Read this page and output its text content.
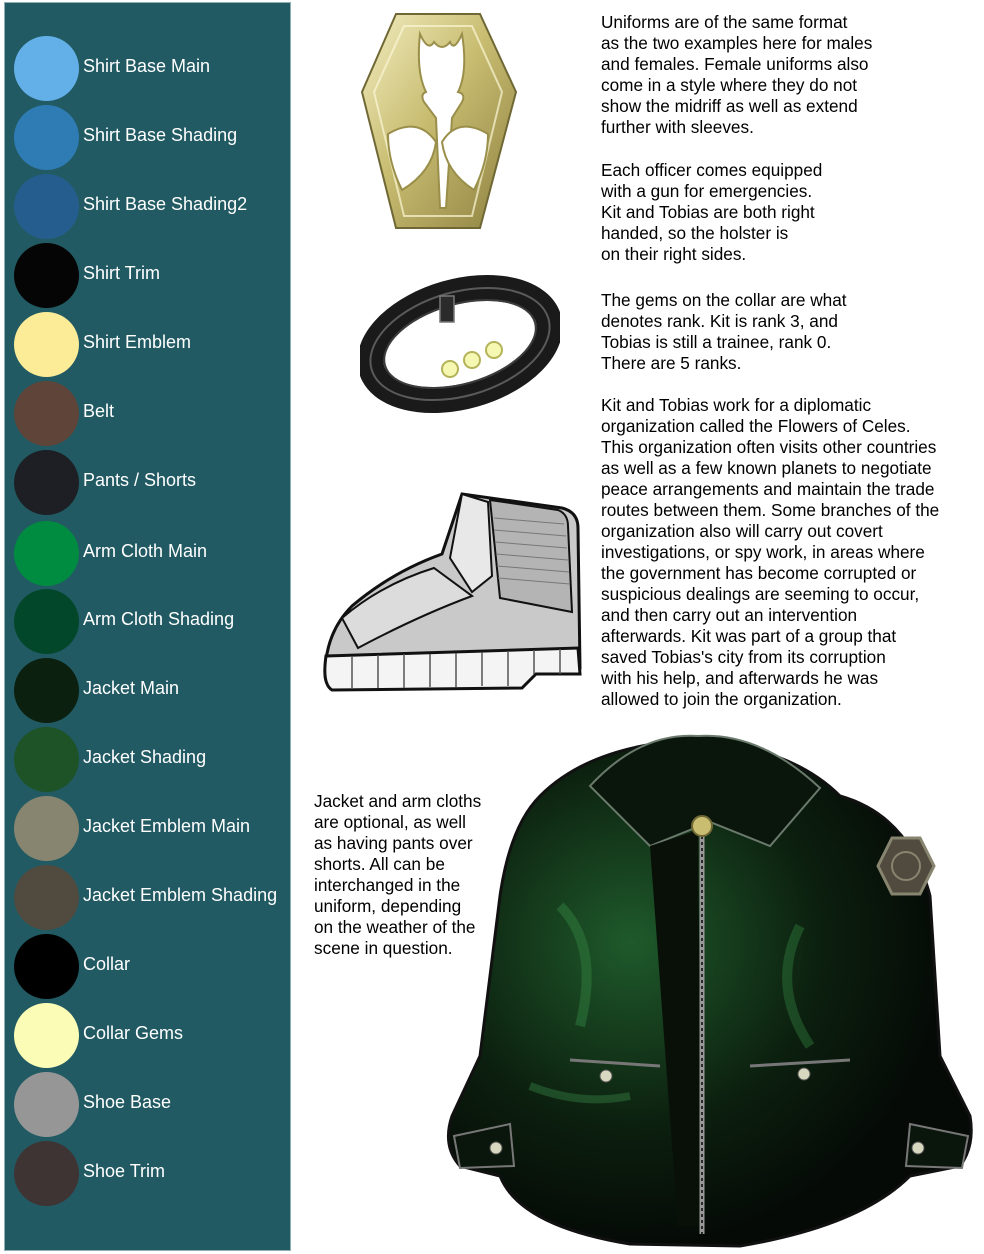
Shirt Base Main
Shirt Base Shading
Shirt Base Shading2
Shirt Trim
Shirt Emblem
Belt
Pants / Shorts
Arm Cloth Main
Arm Cloth Shading
Jacket Main
Jacket Shading
Jacket Emblem Main
Jacket Emblem Shading
Collar
Collar Gems
Shoe Base
Shoe Trim

Uniforms are of the same format
as the two examples here for males
and females. Female uniforms also
come in a style where they do not
show the midriff as well as extend
further with sleeves.

Each officer comes equipped
with a gun for emergencies.
Kit and Tobias are both right
handed, so the holster is
on their right sides.

The gems on the collar are what
denotes rank. Kit is rank 3, and
Tobias is still a trainee, rank 0.
There are 5 ranks.

Kit and Tobias work for a diplomatic
organization called the Flowers of Celes.
This organization often visits other countries
as well as a few known planets to negotiate
peace arrangements and maintain the trade
routes between them. Some branches of the
organization also will carry out covert
investigations, or spy work, in areas where
the government has become corrupted or
suspicious dealings are seeming to occur,
and then carry out an intervention
afterwards. Kit was part of a group that
saved Tobias's city from its corruption
with his help, and afterwards he was
allowed to join the organization.

Jacket and arm cloths
are optional, as well
as having pants over
shorts. All can be
interchanged in the
uniform, depending
on the weather of the
scene in question.
